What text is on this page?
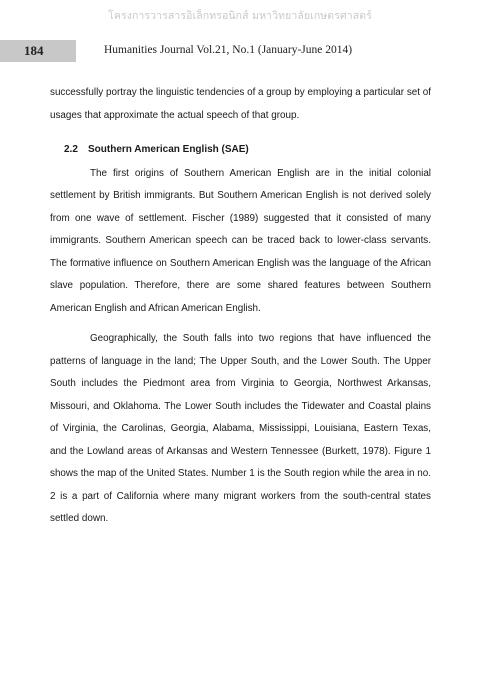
โครงการวารสารอิเล็กทรอนิกส์ มหาวิทยาลัยเกษตรศาสตร์
184	Humanities Journal Vol.21, No.1 (January-June 2014)

successfully portray the linguistic tendencies of a group by employing a particular set of usages that approximate the actual speech of that group.

2.2 Southern American English (SAE)

The first origins of Southern American English are in the initial colonial settlement by British immigrants. But Southern American English is not derived solely from one wave of settlement. Fischer (1989) suggested that it consisted of many immigrants. Southern American speech can be traced back to lower-class servants. The formative influence on Southern American English was the language of the African slave population. Therefore, there are some shared features between Southern American English and African American English.

Geographically, the South falls into two regions that have influenced the patterns of language in the land; The Upper South, and the Lower South. The Upper South includes the Piedmont area from Virginia to Georgia, Northwest Arkansas, Missouri, and Oklahoma. The Lower South includes the Tidewater and Coastal plains of Virginia, the Carolinas, Georgia, Alabama, Mississippi, Louisiana, Eastern Texas, and the Lowland areas of Arkansas and Western Tennessee (Burkett, 1978). Figure 1 shows the map of the United States. Number 1 is the South region while the area in no. 2 is a part of California where many migrant workers from the south-central states settled down.
